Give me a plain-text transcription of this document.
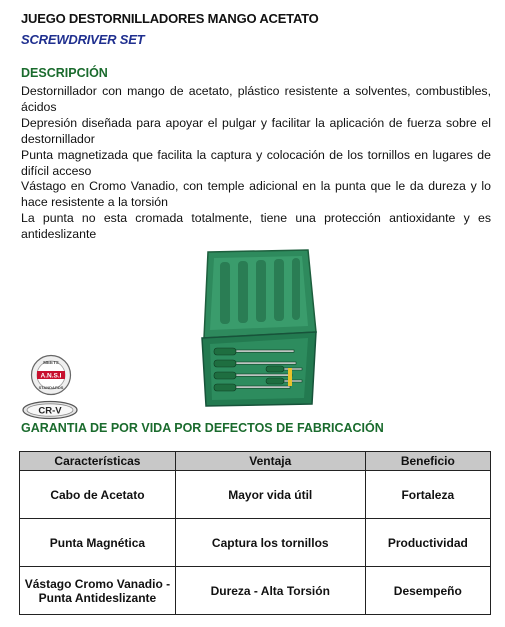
JUEGO DESTORNILLADORES MANGO ACETATO
SCREWDRIVER SET
DESCRIPCIÓN

Destornillador con mango de acetato, plástico resistente a solventes, combustibles, ácidos

Depresión diseñada para apoyar el pulgar y facilitar la aplicación de fuerza sobre el destornillador

Punta magnetizada que facilita la captura y colocación de los tornillos en lugares de difícil acceso

Vástago en Cromo Vanadio, con temple adicional en la punta que le da dureza y lo hace resistente a la torsión

La punta no esta cromada totalmente, tiene una protección antioxidante y es antideslizante

MEETS
A.N.S.I
STANDARDS
CR-V
GARANTIA DE POR VIDA POR DEFECTOS DE FABRICACIÓN
Características	Ventaja	Beneficio
Cabo de Acetato	Mayor vida útil	Fortaleza
Punta Magnética	Captura los tornillos	Productividad
Vástago Cromo Vanadio - Punta Antideslizante	Dureza - Alta Torsión	Desempeño
